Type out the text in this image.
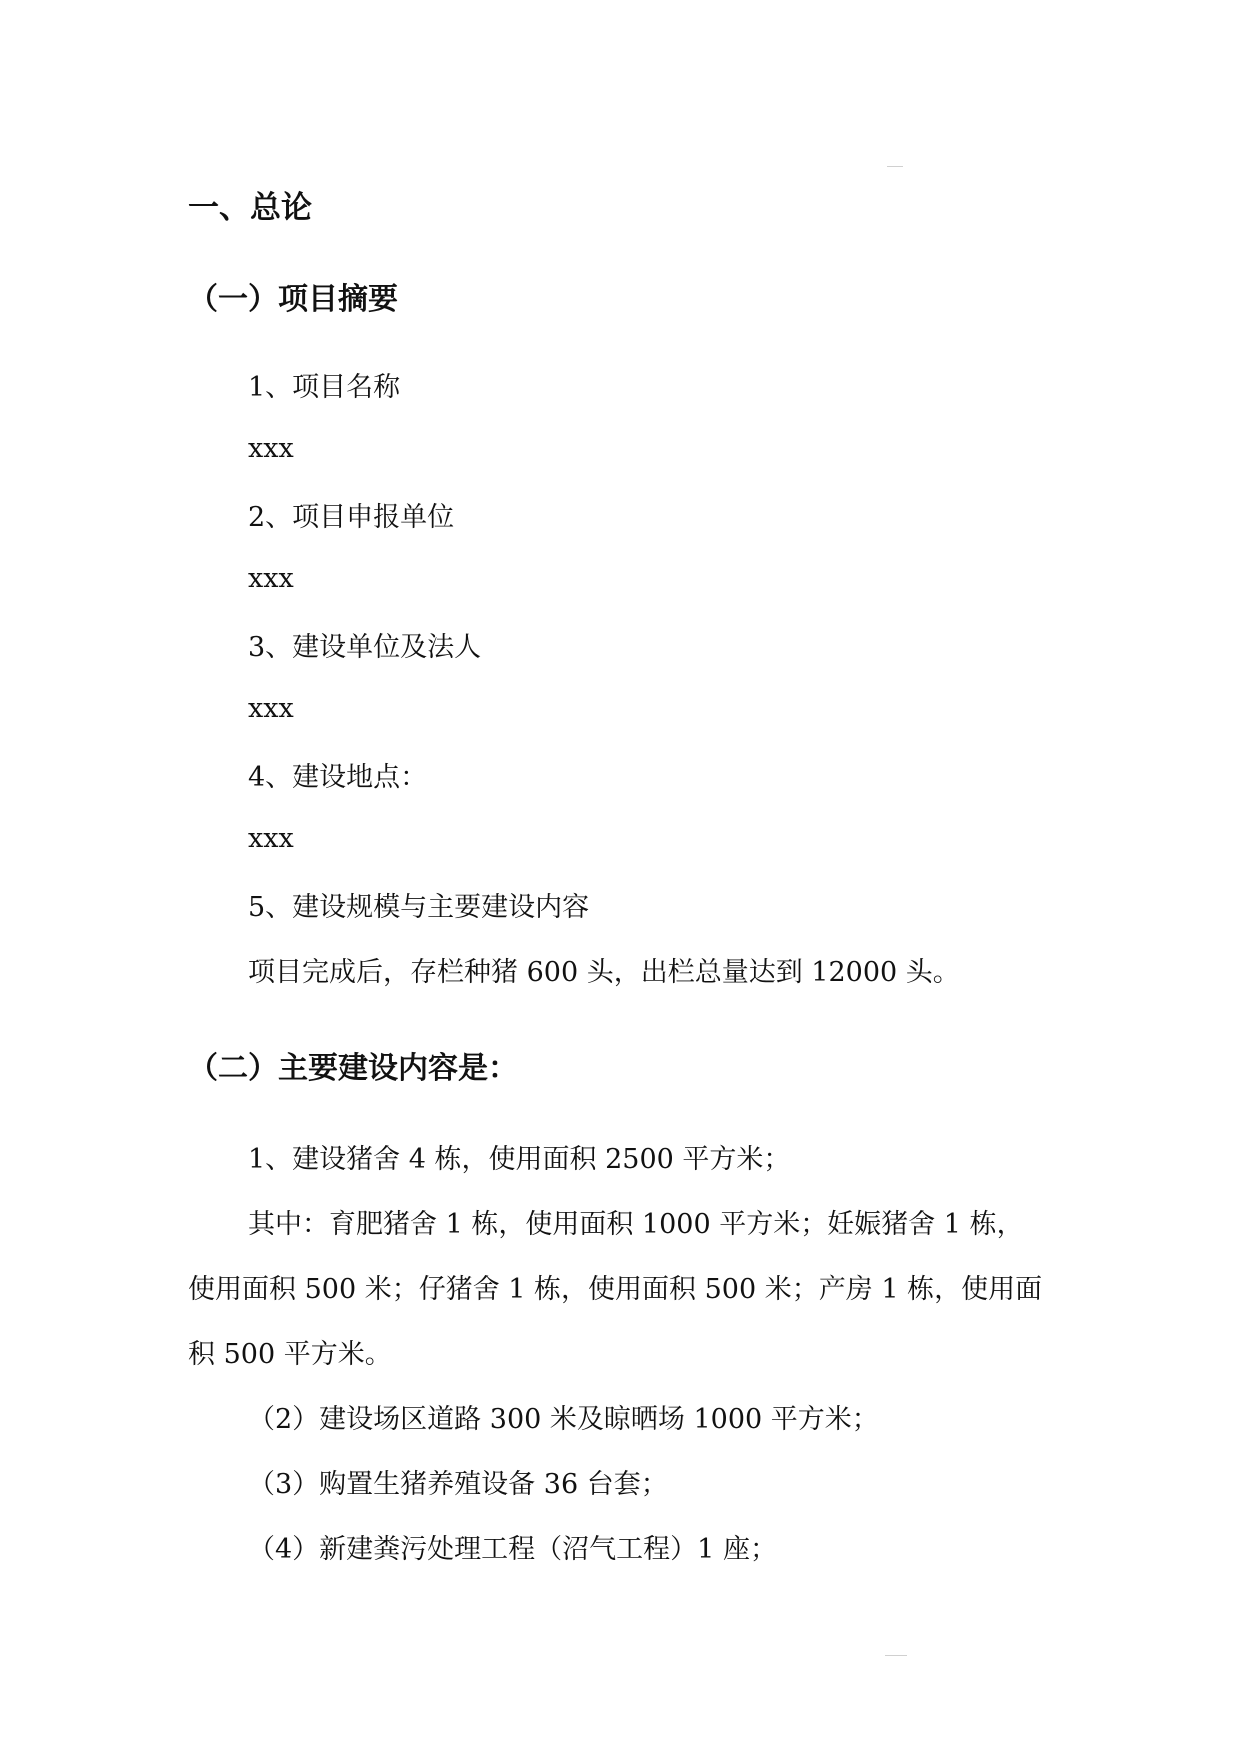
一、总论
（一）项目摘要

1、项目名称

xxx

2、项目申报单位

xxx

3、建设单位及法人

xxx

4、建设地点：

xxx

5、建设规模与主要建设内容

项目完成后，存栏种猪 600 头，出栏总量达到 12000 头。

（二）主要建设内容是：

1、建设猪舍 4 栋，使用面积 2500 平方米；

其中：育肥猪舍 1 栋，使用面积 1000 平方米；妊娠猪舍 1 栋，

使用面积 500 米；仔猪舍 1 栋，使用面积 500 米；产房 1 栋，使用面

积 500 平方米。

（2）建设场区道路 300 米及晾晒场 1000 平方米；

（3）购置生猪养殖设备 36 台套；

（4）新建粪污处理工程（沼气工程）1 座；
